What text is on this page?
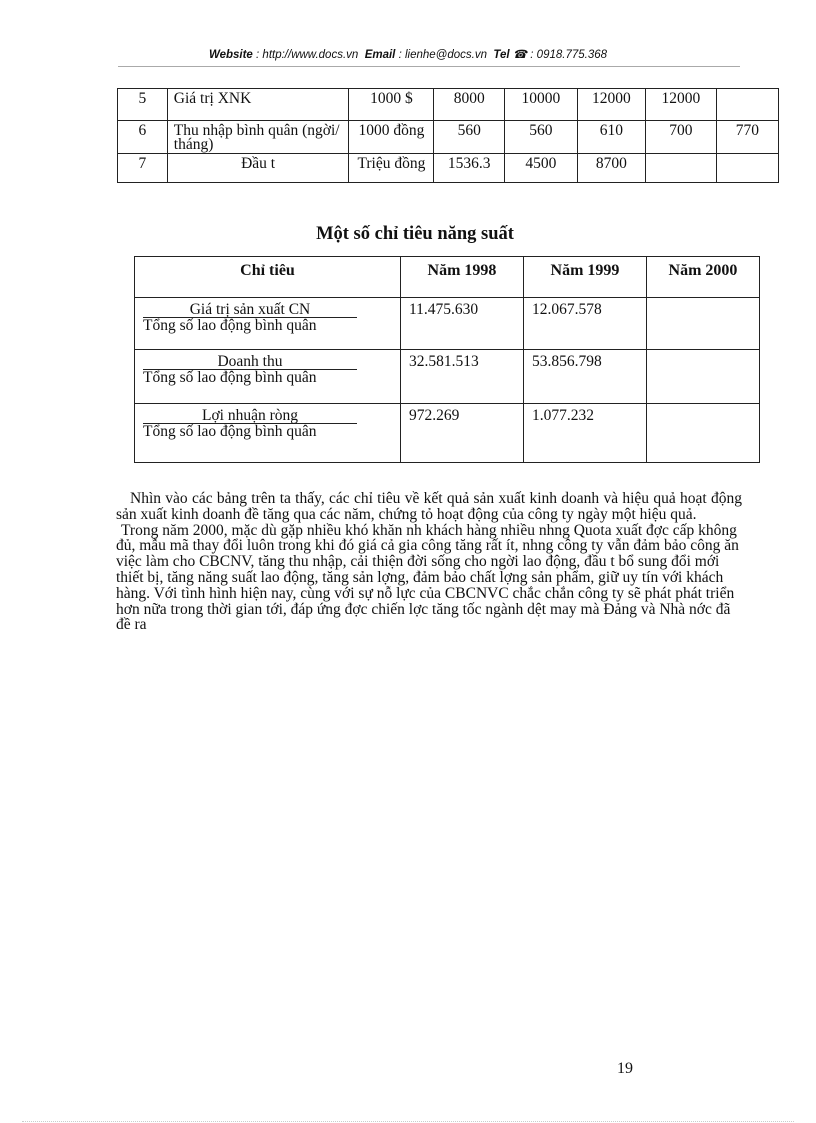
Website : http://www.docs.vn Email : lienhe@docs.vn Tel ☎ : 0918.775.368
5	Giá trị XNK	1000 $	8000	10000	12000	12000	
6	Thu nhập bình quân (ngời/ tháng)	1000 đồng	560	560	610	700	770
7	Đầu t	Triệu đồng	1536.3	4500	8700		
Một số chỉ tiêu năng suất
Chỉ tiêu	Năm 1998	Năm 1999	Năm 2000

Giá trị sản xuất CN
Tổng số lao động bình quân	11.475.630	12.067.578	

Doanh thu
Tổng số lao động bình quân	32.581.513	53.856.798	

Lợi nhuận ròng
Tổng số lao động bình quân	972.269	1.077.232	

Nhìn vào các bảng trên ta thấy, các chỉ tiêu về kết quả sản xuất kinh doanh và hiệu quả hoạt động sản xuất kinh doanh đề tăng qua các năm, chứng tỏ hoạt động của công ty ngày một hiệu quả.

Trong năm 2000, mặc dù gặp nhiều khó khăn nh khách hàng nhiều nhng Quota xuất đợc cấp không đủ, mẫu mã thay đổi luôn trong khi đó giá cả gia công tăng rất ít, nhng công ty vẫn đảm bảo công ăn việc làm cho CBCNV, tăng thu nhập, cải thiện đời sống cho ngời lao động, đầu t bổ sung đổi mới thiết bị, tăng năng suất lao động, tăng sản lợng, đảm bảo chất lợng sản phẩm, giữ uy tín với khách hàng. Với tình hình hiện nay, cùng với sự nỗ lực của CBCNVC chắc chắn công ty sẽ phát phát triển hơn nữa trong thời gian tới, đáp ứng đợc chiến lợc tăng tốc ngành dệt may mà Đảng và Nhà nớc đã đề ra

19
